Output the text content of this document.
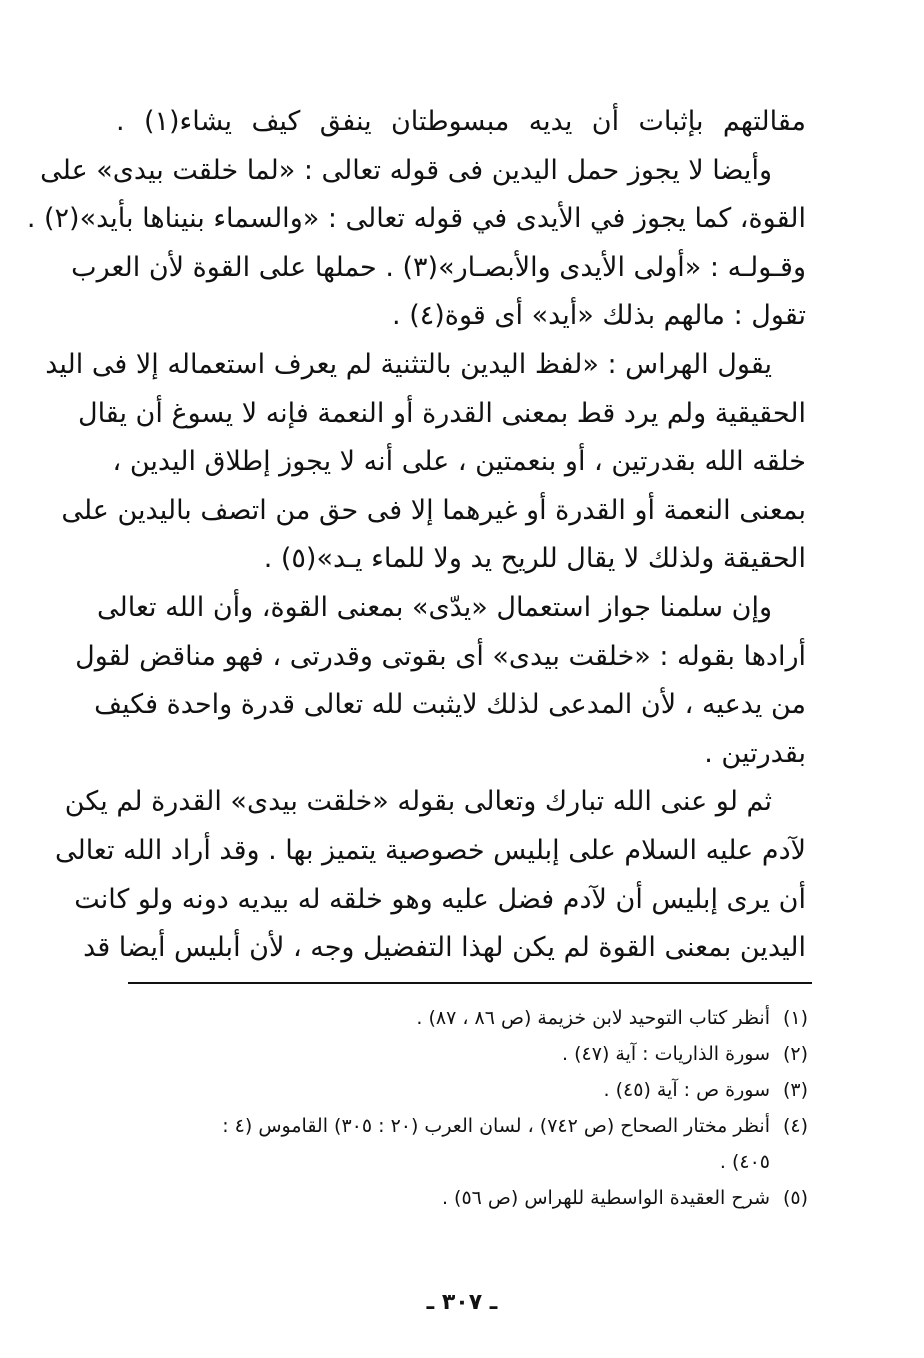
مقالتهم بإثبات أن يديه مبسوطتان ينفق كيف يشاء(١) .
وأيضا لا يجوز حمل اليدين فى قوله تعالى : «لما خلقت بيدى» على
القوة، كما يجوز في الأيدى في قوله تعالى : «والسماء بنيناها بأيد»(٢) .
وقـولـه : «أولى الأيدى والأبصـار»(٣) . حملها على القوة لأن العرب
تقول : مالهم بذلك «أيد» أى قوة(٤) .
يقول الهراس : «لفظ اليدين بالتثنية لم يعرف استعماله إلا فى اليد
الحقيقية ولم يرد قط بمعنى القدرة أو النعمة فإنه لا يسوغ أن يقال
خلقه الله بقدرتين ، أو بنعمتين ، على أنه لا يجوز إطلاق اليدين ،
بمعنى النعمة أو القدرة أو غيرهما إلا فى حق من اتصف باليدين على
الحقيقة ولذلك لا يقال للريح يد ولا للماء يـد»(٥) .
وإن سلمنا جواز استعمال «يدّى» بمعنى القوة، وأن الله تعالى
أرادها بقوله : «خلقت بيدى» أى بقوتى وقدرتى ، فهو مناقض لقول
من يدعيه ، لأن المدعى لذلك لايثبت لله تعالى قدرة واحدة فكيف
بقدرتين .
ثم لو عنى الله تبارك وتعالى بقوله «خلقت بيدى» القدرة لم يكن
لآدم عليه السلام على إبليس خصوصية يتميز بها . وقد أراد الله تعالى
أن يرى إبليس أن لآدم فضل عليه وهو خلقه له بيديه دونه ولو كانت
اليدين بمعنى القوة لم يكن لهذا التفضيل وجه ، لأن أبليس أيضا قد
(١)أنظر كتاب التوحيد لابن خزيمة (ص ٨٦ ، ٨٧) .
(٢)سورة الذاريات : آية (٤٧) .
(٣)سورة ص : آية (٤٥) .
(٤)أنظر مختار الصحاح (ص ٧٤٢) ، لسان العرب (٢٠ : ٣٠٥) القاموس (٤ :
٤٠٥) .
(٥)شرح العقيدة الواسطية للهراس (ص ٥٦) .
ـ ٣٠٧ ـ
